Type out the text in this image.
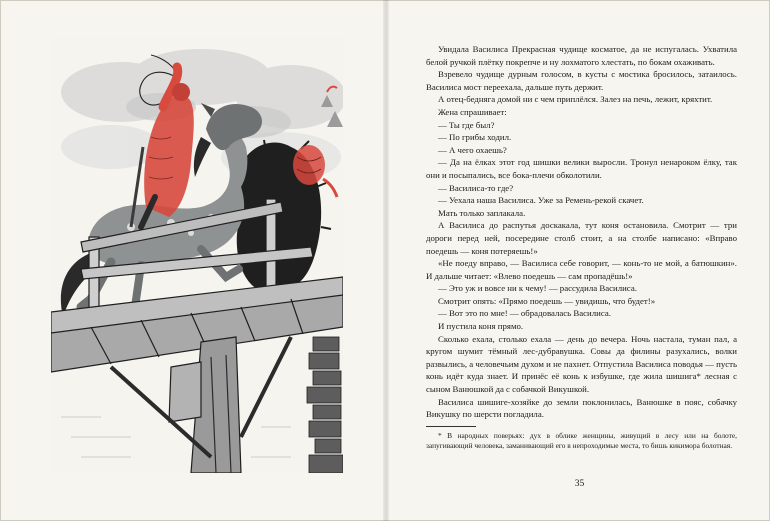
Увидала Василиса Прекрасная чудище косматое, да не испугалась. Ухватила белой ручкой плётку покрепче и ну лохматого хлестать, по бокам охаживать.

Взревело чудище дурным голосом, в кусты с мостика бросилось, затаилось. Василиса мост переехала, дальше путь держит.

А отец-бедняга домой ни с чем приплёлся. Залез на печь, лежит, кряхтит.

Жена спрашивает:

— Ты где был?

— По грибы ходил.

— А чего охаешь?

— Да на ёлках этот год шишки велики выросли. Тронул ненароком ёлку, так они и посыпались, все бока-плечи обколотили.

— Василиса-то где?

— Уехала наша Василиса. Уже за Ремень-рекой скачет.

Мать только заплакала.

А Василиса до распутья доскакала, тут коня остановила. Смотрит — три дороги перед ней, посередине столб стоит, а на столбе написано: «Вправо поедешь — коня потеряешь!»

«Не поеду вправо, — Василиса себе говорит, — конь-то не мой, а батюшкин». И дальше читает: «Влево поедешь — сам пропадёшь!»

— Это уж и вовсе ни к чему! — рассудила Василиса.

Смотрит опять: «Прямо поедешь — увидишь, что будет!»

— Вот это по мне! — обрадовалась Василиса.

И пустила коня прямо.

Сколько ехала, столько ехала — день до вечера. Ночь настала, туман пал, а кругом шумит тёмный лес-дубравушка. Совы да филины разухались, волки развылись, а человечьим духом и не пахнет. Отпустила Василиса поводья — пусть конь идёт куда знает. И принёс её конь к избушке, где жила шишига* лесная с сыном Ванюшкой да с собачкой Викушкой.

Василиса шишиге-хозяйке до земли поклонилась, Ванюшке в пояс, собачку Викушку по шерсти погладила.

* В народных поверьях: дух в облике женщины, живущий в лесу или на болоте, запугивающий человека, заманивающий его в непроходимые места, то бишь кикимора болотная.

35
